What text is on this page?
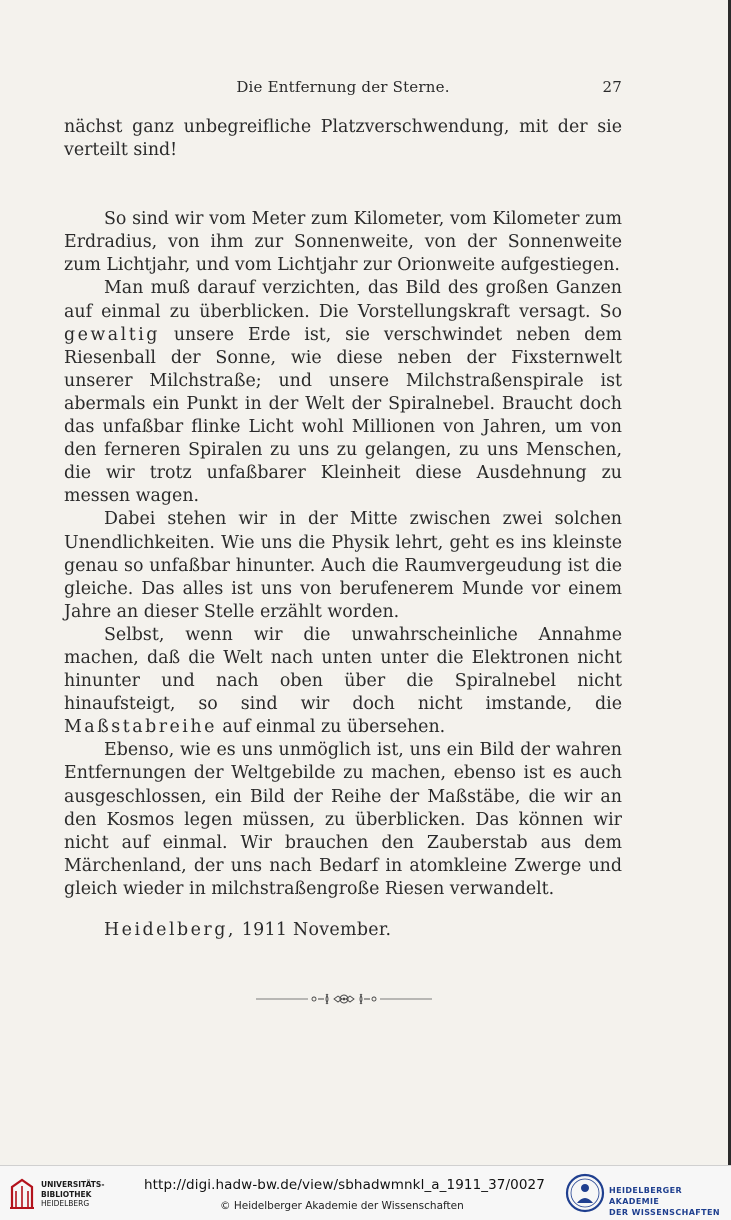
Die Entfernung der Sterne.	27

nächst ganz unbegreifliche Platzverschwendung, mit der sie verteilt sind!

So sind wir vom Meter zum Kilometer, vom Kilometer zum Erdradius, von ihm zur Sonnenweite, von der Sonnenweite zum Lichtjahr, und vom Lichtjahr zur Orionweite aufgestiegen.

Man muß darauf verzichten, das Bild des großen Ganzen auf einmal zu überblicken. Die Vorstellungskraft versagt. So gewaltig unsere Erde ist, sie verschwindet neben dem Riesenball der Sonne, wie diese neben der Fixsternwelt unserer Milchstraße; und unsere Milchstraßenspirale ist abermals ein Punkt in der Welt der Spiralnebel. Braucht doch das unfaßbar flinke Licht wohl Millionen von Jahren, um von den ferneren Spiralen zu uns zu gelangen, zu uns Menschen, die wir trotz unfaßbarer Kleinheit diese Ausdehnung zu messen wagen.

Dabei stehen wir in der Mitte zwischen zwei solchen Unendlichkeiten. Wie uns die Physik lehrt, geht es ins kleinste genau so unfaßbar hinunter. Auch die Raumvergeudung ist die gleiche. Das alles ist uns von berufenerem Munde vor einem Jahre an dieser Stelle erzählt worden.

Selbst, wenn wir die unwahrscheinliche Annahme machen, daß die Welt nach unten unter die Elektronen nicht hinunter und nach oben über die Spiralnebel nicht hinaufsteigt, so sind wir doch nicht imstande, die Maßstabreihe auf einmal zu übersehen.

Ebenso, wie es uns unmöglich ist, uns ein Bild der wahren Entfernungen der Weltgebilde zu machen, ebenso ist es auch ausgeschlossen, ein Bild der Reihe der Maßstäbe, die wir an den Kosmos legen müssen, zu überblicken. Das können wir nicht auf einmal. Wir brauchen den Zauberstab aus dem Märchenland, der uns nach Bedarf in atomkleine Zwerge und gleich wieder in milchstraßengroße Riesen verwandelt.

Heidelberg, 1911 November.

UNIVERSITÄTS-
BIBLIOTHEK
HEIDELBERG
http://digi.hadw-bw.de/view/sbhadwmnkl_a_1911_37/0027
© Heidelberger Akademie der Wissenschaften
HEIDELBERGER AKADEMIE
DER WISSENSCHAFTEN
